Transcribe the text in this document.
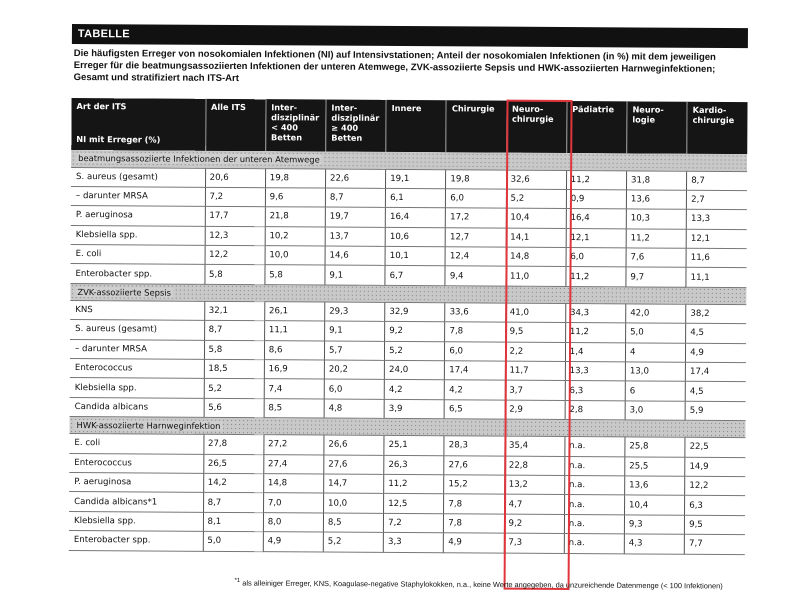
TABELLE
Die häufigsten Erreger von nosokomialen Infektionen (NI) auf Intensivstationen; Anteil der nosokomialen Infektionen (in %) mit dem jeweiligen Erreger für die beatmungsassoziierten Infektionen der unteren Atemwege, ZVK-assoziierte Sepsis und HWK-assoziierten Harnweginfektionen; Gesamt und stratifiziert nach ITS-Art
Art der ITS
NI mit Erreger (%)	Alle ITS	Inter-disziplinär < 400 Betten	Inter-disziplinär ≥ 400 Betten	Innere	Chirurgie	Neuro-chirurgie	Pädiatrie	Neuro-logie	Kardio-chirurgie
beatmungsassoziierte Infektionen der unteren Atemwege									
S. aureus (gesamt)	20,6	19,8	22,6	19,1	19,8	32,6	11,2	31,8	8,7
– darunter MRSA	7,2	9,6	8,7	6,1	6,0	5,2	0,9	13,6	2,7
P. aeruginosa	17,7	21,8	19,7	16,4	17,2	10,4	16,4	10,3	13,3
Klebsiella spp.	12,3	10,2	13,7	10,6	12,7	14,1	12,1	11,2	12,1
E. coli	12,2	10,0	14,6	10,1	12,4	14,8	6,0	7,6	11,6
Enterobacter spp.	5,8	5,8	9,1	6,7	9,4	11,0	11,2	9,7	11,1
ZVK-assoziierte Sepsis									
KNS	32,1	26,1	29,3	32,9	33,6	41,0	34,3	42,0	38,2
S. aureus (gesamt)	8,7	11,1	9,1	9,2	7,8	9,5	11,2	5,0	4,5
– darunter MRSA	5,8	8,6	5,7	5,2	6,0	2,2	1,4	4	4,9
Enterococcus	18,5	16,9	20,2	24,0	17,4	11,7	13,3	13,0	17,4
Klebsiella spp.	5,2	7,4	6,0	4,2	4,2	3,7	6,3	6	4,5
Candida albicans	5,6	8,5	4,8	3,9	6,5	2,9	2,8	3,0	5,9
HWK-assoziierte Harnweginfektion									
E. coli	27,8	27,2	26,6	25,1	28,3	35,4	n.a.	25,8	22,5
Enterococcus	26,5	27,4	27,6	26,3	27,6	22,8	n.a.	25,5	14,9
P. aeruginosa	14,2	14,8	14,7	11,2	15,2	13,2	n.a.	13,6	12,2
Candida albicans*1	8,7	7,0	10,0	12,5	7,8	4,7	n.a.	10,4	6,3
Klebsiella spp.	8,1	8,0	8,5	7,2	7,8	9,2	n.a.	9,3	9,5
Enterobacter spp.	5,0	4,9	5,2	3,3	4,9	7,3	n.a.	4,3	7,7
$^{*1}$ als alleiniger Erreger, KNS, Koagulase-negative Staphylokokken, n.a., keine Werte angegeben, da unzureichende Datenmenge (< 100 Infektionen)
